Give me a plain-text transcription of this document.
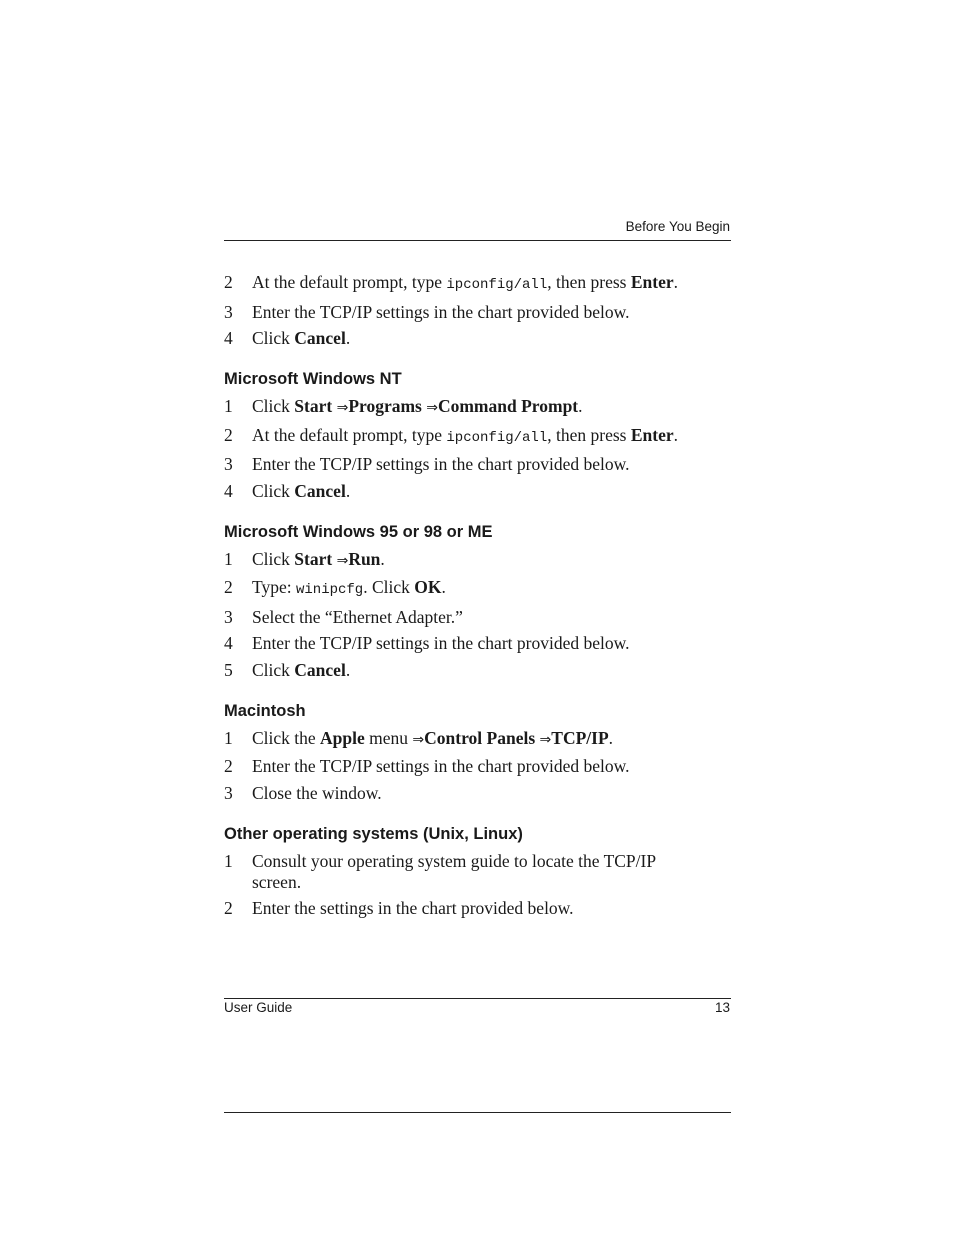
Before You Begin
2 At the default prompt, type ipconfig/all, then press Enter.
3 Enter the TCP/IP settings in the chart provided below.
4 Click Cancel.
Microsoft Windows NT
1 Click Start ⇒Programs ⇒Command Prompt.
2 At the default prompt, type ipconfig/all, then press Enter.
3 Enter the TCP/IP settings in the chart provided below.
4 Click Cancel.
Microsoft Windows 95 or 98 or ME
1 Click Start ⇒Run.
2 Type: winipcfg. Click OK.
3 Select the “Ethernet Adapter.”
4 Enter the TCP/IP settings in the chart provided below.
5 Click Cancel.
Macintosh
1 Click the Apple menu ⇒Control Panels ⇒TCP/IP.
2 Enter the TCP/IP settings in the chart provided below.
3 Close the window.
Other operating systems (Unix, Linux)
1 Consult your operating system guide to locate the TCP/IP screen.
2 Enter the settings in the chart provided below.
User Guide	13
